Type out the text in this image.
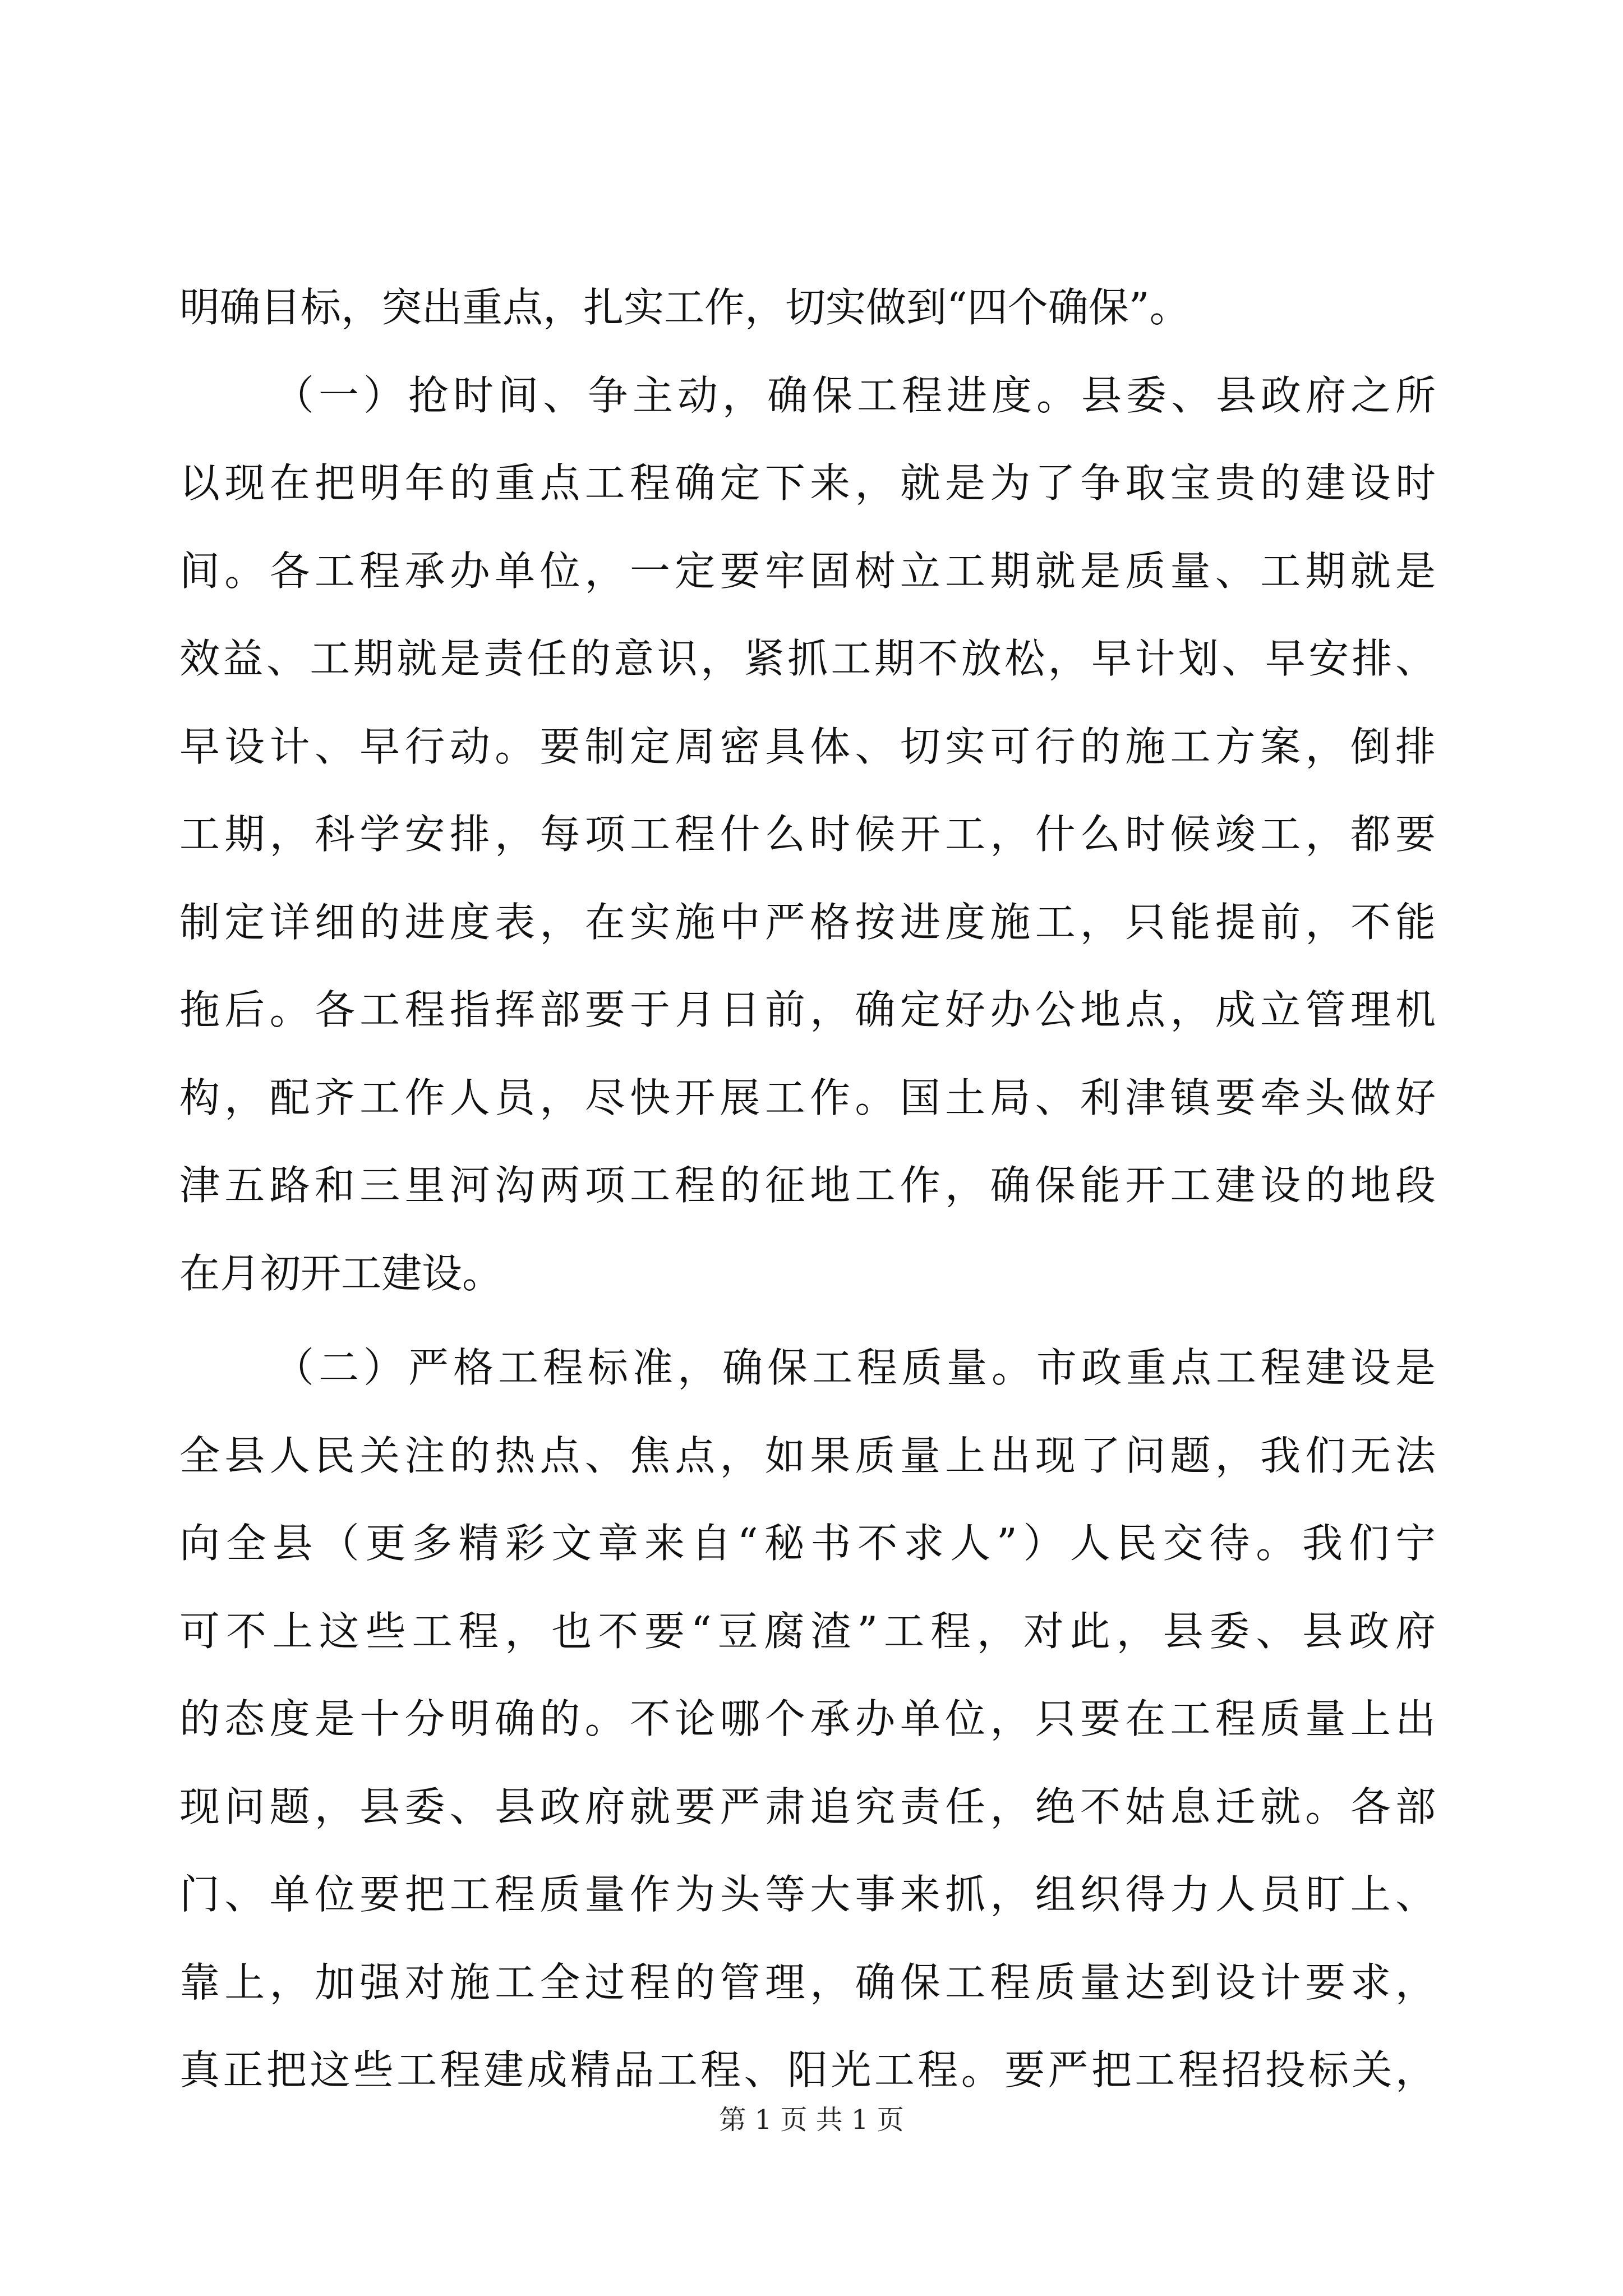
明确目标，突出重点，扎实工作，切实做到“四个确保”。
（一）抢时间、争主动，确保工程进度。县委、县政府之所
以现在把明年的重点工程确定下来，就是为了争取宝贵的建设时
间。各工程承办单位，一定要牢固树立工期就是质量、工期就是
效益、工期就是责任的意识，紧抓工期不放松，早计划、早安排、
早设计、早行动。要制定周密具体、切实可行的施工方案，倒排
工期，科学安排，每项工程什么时候开工，什么时候竣工，都要
制定详细的进度表，在实施中严格按进度施工，只能提前，不能
拖后。各工程指挥部要于月日前，确定好办公地点，成立管理机
构，配齐工作人员，尽快开展工作。国土局、利津镇要牵头做好
津五路和三里河沟两项工程的征地工作，确保能开工建设的地段
在月初开工建设。
（二）严格工程标准，确保工程质量。市政重点工程建设是
全县人民关注的热点、焦点，如果质量上出现了问题，我们无法
向全县（更多精彩文章来自“秘书不求人”）人民交待。我们宁
可不上这些工程，也不要“豆腐渣”工程，对此，县委、县政府
的态度是十分明确的。不论哪个承办单位，只要在工程质量上出
现问题，县委、县政府就要严肃追究责任，绝不姑息迁就。各部
门、单位要把工程质量作为头等大事来抓，组织得力人员盯上、
靠上，加强对施工全过程的管理，确保工程质量达到设计要求，
真正把这些工程建成精品工程、阳光工程。要严把工程招投标关，
第 1 页 共 1 页
